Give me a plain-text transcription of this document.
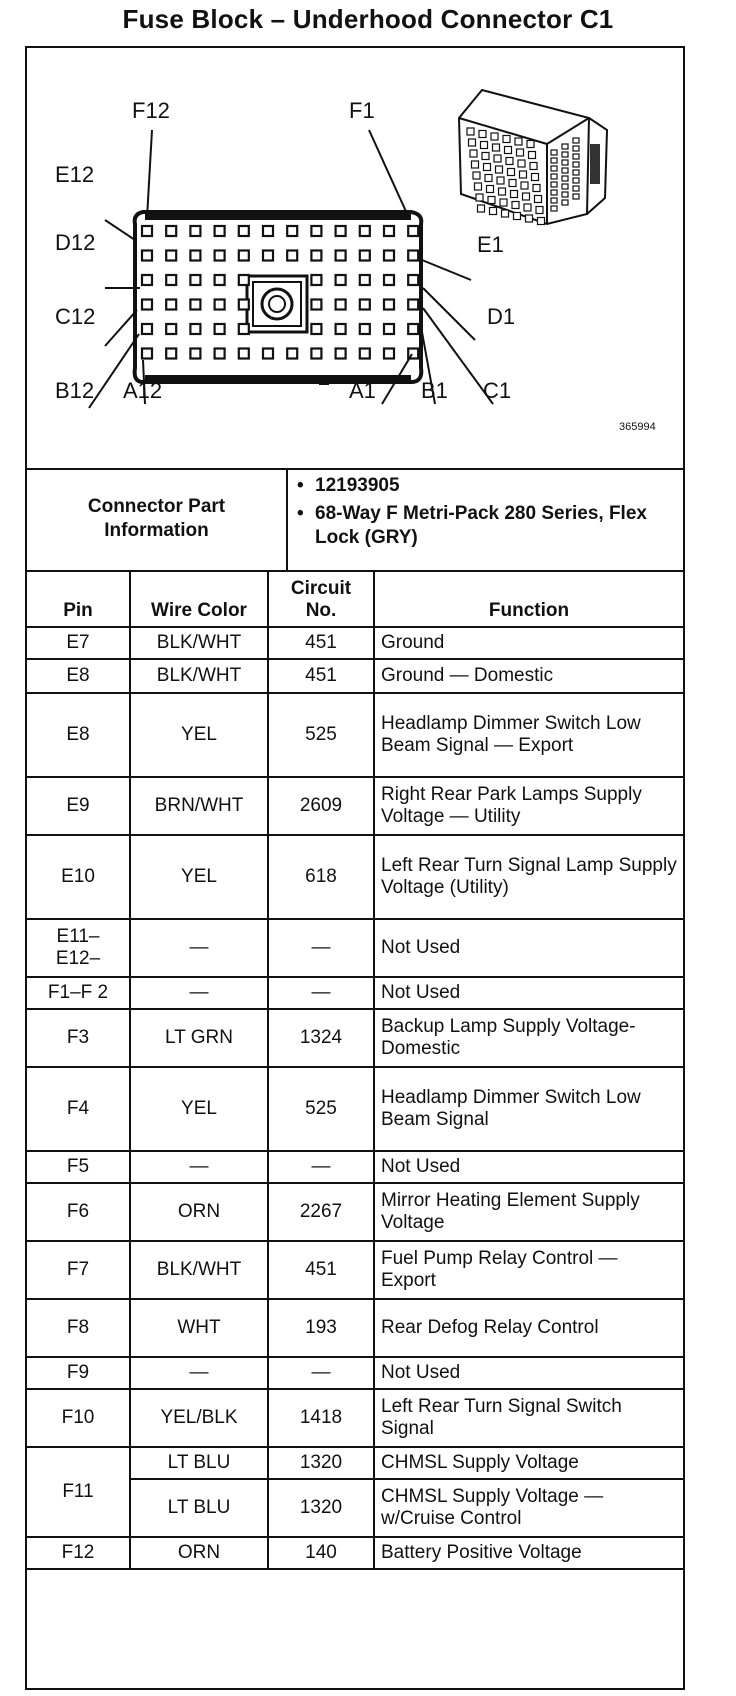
Fuse Block – Underhood Connector C1
F12	F1
E12
D12	E1
C12	D1
B12 A12	A1 B1 C1
365994
Connector Part Information
• 12193905
• 68-Way F Metri-Pack 280 Series, Flex Lock (GRY)
Pin	Wire Color	Circuit No.	Function
E7	BLK/WHT	451	Ground
E8	BLK/WHT	451	Ground — Domestic
E8	YEL	525	Headlamp Dimmer Switch Low Beam Signal — Export
E9	BRN/WHT	2609	Right Rear Park Lamps Supply Voltage — Utility
E10	YEL	618	Left Rear Turn Signal Lamp Supply Voltage (Utility)
E11– E12–	—	—	Not Used
F1–F 2	—	—	Not Used
F3	LT GRN	1324	Backup Lamp Supply Voltage-Domestic
F4	YEL	525	Headlamp Dimmer Switch Low Beam Signal
F5	—	—	Not Used
F6	ORN	2267	Mirror Heating Element Supply Voltage
F7	BLK/WHT	451	Fuel Pump Relay Control — Export
F8	WHT	193	Rear Defog Relay Control
F9	—	—	Not Used
F10	YEL/BLK	1418	Left Rear Turn Signal Switch Signal
F11	LT BLU	1320	CHMSL Supply Voltage
	LT BLU	1320	CHMSL Supply Voltage — w/Cruise Control
F12	ORN	140	Battery Positive Voltage
